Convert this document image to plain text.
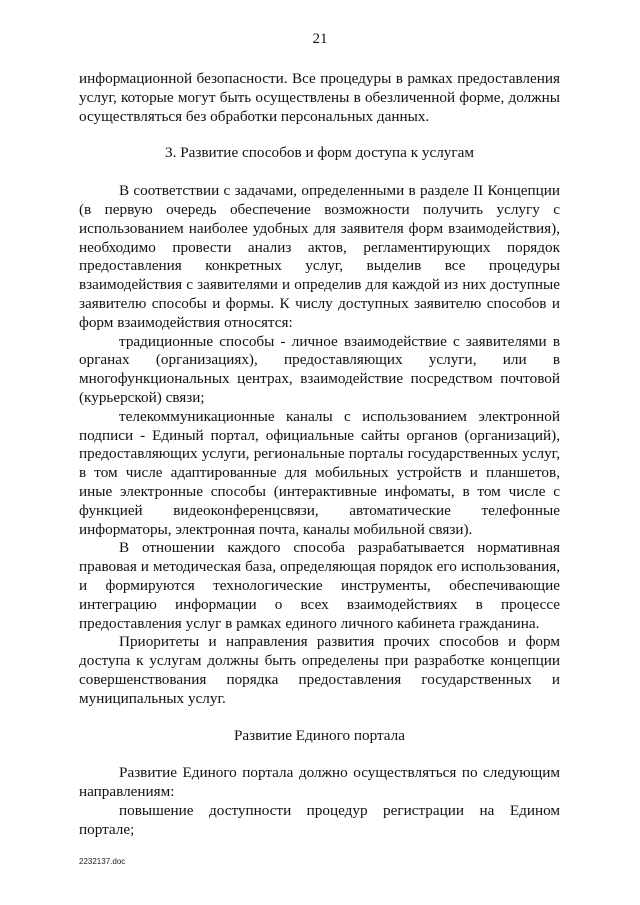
21

информационной безопасности. Все процедуры в рамках предоставления услуг, которые могут быть осуществлены в обезличенной форме, должны осуществляться без обработки персональных данных.

3. Развитие способов и форм доступа к услугам

В соответствии с задачами, определенными в разделе II Концепции (в первую очередь обеспечение возможности получить услугу с использованием наиболее удобных для заявителя форм взаимодействия), необходимо провести анализ актов, регламентирующих порядок предоставления конкретных услуг, выделив все процедуры взаимодействия с заявителями и определив для каждой из них доступные заявителю способы и формы. К числу доступных заявителю способов и форм взаимодействия относятся:

традиционные способы - личное взаимодействие с заявителями в органах (организациях), предоставляющих услуги, или в многофункциональных центрах, взаимодействие посредством почтовой (курьерской) связи;

телекоммуникационные каналы с использованием электронной подписи - Единый портал, официальные сайты органов (организаций), предоставляющих услуги, региональные порталы государственных услуг, в том числе адаптированные для мобильных устройств и планшетов, иные электронные способы (интерактивные инфоматы, в том числе с функцией видеоконференцсвязи, автоматические телефонные информаторы, электронная почта, каналы мобильной связи).

В отношении каждого способа разрабатывается нормативная правовая и методическая база, определяющая порядок его использования, и формируются технологические инструменты, обеспечивающие интеграцию информации о всех взаимодействиях в процессе предоставления услуг в рамках единого личного кабинета гражданина.

Приоритеты и направления развития прочих способов и форм доступа к услугам должны быть определены при разработке концепции совершенствования порядка предоставления государственных и муниципальных услуг.

Развитие Единого портала

Развитие Единого портала должно осуществляться по следующим направлениям:

повышение доступности процедур регистрации на Едином портале;

2232137.doc
